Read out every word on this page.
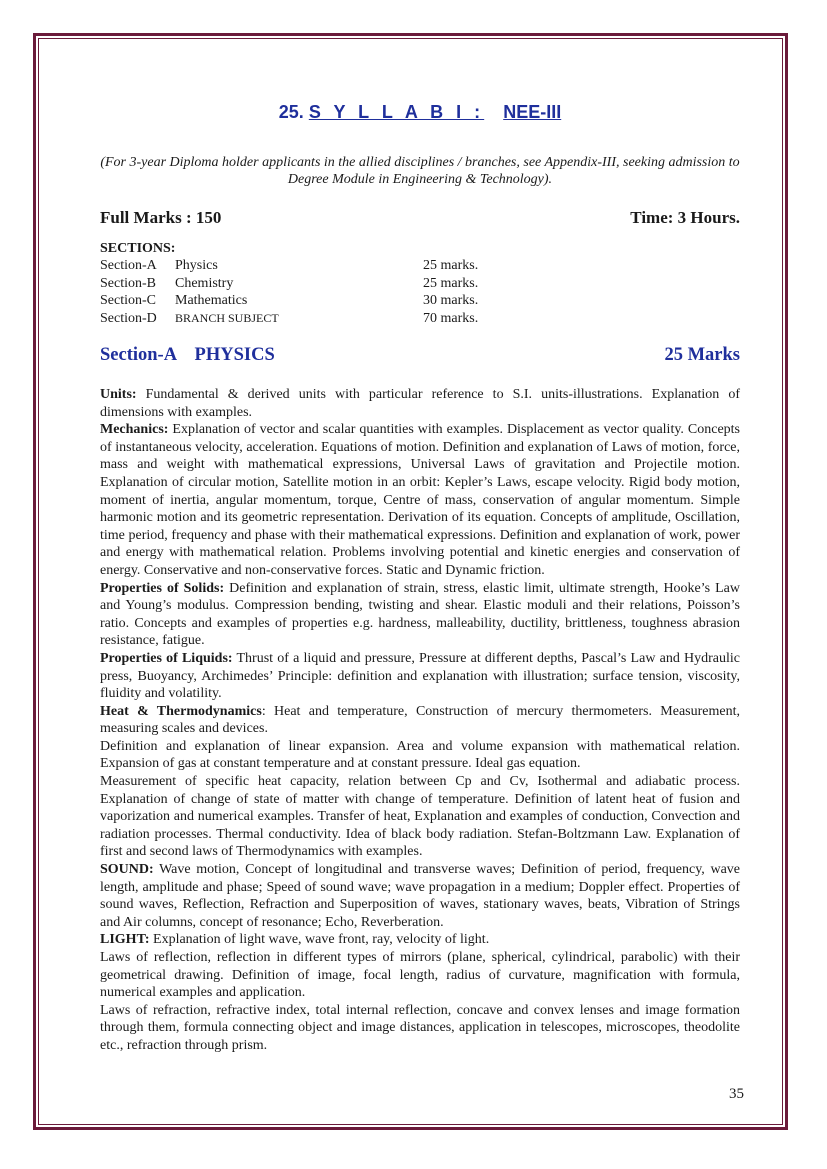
25. S Y L L A B I : NEE-III

(For 3-year Diploma holder applicants in the allied disciplines / branches, see Appendix-III, seeking admission to Degree Module in Engineering & Technology).

Full Marks : 150	Time: 3 Hours.
SECTIONS:
Section-A	Physics	25 marks.
Section-B	Chemistry	25 marks.
Section-C	Mathematics	30 marks.
Section-D	BRANCH SUBJECT	70 marks.
Section-A    PHYSICS	25 Marks

Units: Fundamental & derived units with particular reference to S.I. units-illustrations. Explanation of dimensions with examples.

Mechanics: Explanation of vector and scalar quantities with examples. Displacement as vector quality. Concepts of instantaneous velocity, acceleration. Equations of motion. Definition and explanation of Laws of motion, force, mass and weight with mathematical expressions, Universal Laws of gravitation and Projectile motion. Explanation of circular motion, Satellite motion in an orbit: Kepler’s Laws, escape velocity. Rigid body motion, moment of inertia, angular momentum, torque, Centre of mass, conservation of angular momentum. Simple harmonic motion and its geometric representation. Derivation of its equation. Concepts of amplitude, Oscillation, time period, frequency and phase with their mathematical expressions. Definition and explanation of work, power and energy with mathematical relation. Problems involving potential and kinetic energies and conservation of energy. Conservative and non-conservative forces. Static and Dynamic friction.

Properties of Solids: Definition and explanation of strain, stress, elastic limit, ultimate strength, Hooke’s Law and Young’s modulus. Compression bending, twisting and shear. Elastic moduli and their relations, Poisson’s ratio. Concepts and examples of properties e.g. hardness, malleability, ductility, brittleness, toughness abrasion resistance, fatigue.

Properties of Liquids: Thrust of a liquid and pressure, Pressure at different depths, Pascal’s Law and Hydraulic press, Buoyancy, Archimedes’ Principle: definition and explanation with illustration; surface tension, viscosity, fluidity and volatility.

Heat & Thermodynamics: Heat and temperature, Construction of mercury thermometers. Measurement, measuring scales and devices.

Definition and explanation of linear expansion. Area and volume expansion with mathematical relation. Expansion of gas at constant temperature and at constant pressure. Ideal gas equation.

Measurement of specific heat capacity, relation between Cp and Cv, Isothermal and adiabatic process. Explanation of change of state of matter with change of temperature. Definition of latent heat of fusion and vaporization and numerical examples. Transfer of heat, Explanation and examples of conduction, Convection and radiation processes. Thermal conductivity. Idea of black body radiation. Stefan-Boltzmann Law. Explanation of first and second laws of Thermodynamics with examples.

SOUND: Wave motion, Concept of longitudinal and transverse waves; Definition of period, frequency, wave length, amplitude and phase; Speed of sound wave; wave propagation in a medium; Doppler effect. Properties of sound waves, Reflection, Refraction and Superposition of waves, stationary waves, beats, Vibration of Strings and Air columns, concept of resonance; Echo, Reverberation.

LIGHT: Explanation of light wave, wave front, ray, velocity of light.

Laws of reflection, reflection in different types of mirrors (plane, spherical, cylindrical, parabolic) with their geometrical drawing. Definition of image, focal length, radius of curvature, magnification with formula, numerical examples and application.

Laws of refraction, refractive index, total internal reflection, concave and convex lenses and image formation through them, formula connecting object and image distances, application in telescopes, microscopes, theodolite etc., refraction through prism.

35
